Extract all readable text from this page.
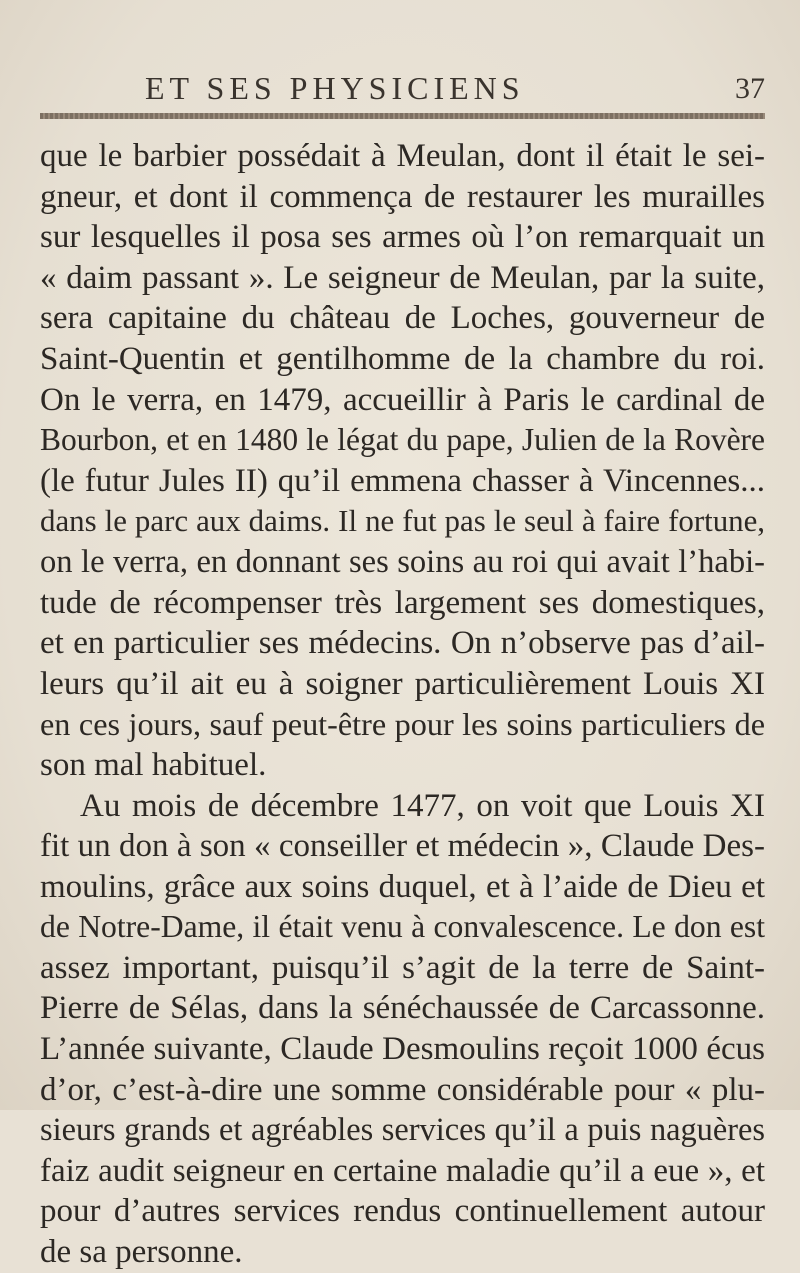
ET SES PHYSICIENS	37
que le barbier possédait à Meulan, dont il était le sei-
gneur, et dont il commença de restaurer les murailles
sur lesquelles il posa ses armes où l’on remarquait un
« daim passant ». Le seigneur de Meulan, par la suite,
sera capitaine du château de Loches, gouverneur de
Saint-Quentin et gentilhomme de la chambre du roi.
On le verra, en 1479, accueillir à Paris le cardinal de
Bourbon, et en 1480 le légat du pape, Julien de la Rovère
(le futur Jules II) qu’il emmena chasser à Vincennes...
dans le parc aux daims. Il ne fut pas le seul à faire fortune,
on le verra, en donnant ses soins au roi qui avait l’habi-
tude de récompenser très largement ses domestiques,
et en particulier ses médecins. On n’observe pas d’ail-
leurs qu’il ait eu à soigner particulièrement Louis XI
en ces jours, sauf peut-être pour les soins particuliers de
son mal habituel.
Au mois de décembre 1477, on voit que Louis XI
fit un don à son « conseiller et médecin », Claude Des-
moulins, grâce aux soins duquel, et à l’aide de Dieu et
de Notre-Dame, il était venu à convalescence. Le don est
assez important, puisqu’il s’agit de la terre de Saint-
Pierre de Sélas, dans la sénéchaussée de Carcassonne.
L’année suivante, Claude Desmoulins reçoit 1000 écus
d’or, c’est-à-dire une somme considérable pour « plu-
sieurs grands et agréables services qu’il a puis naguères
faiz audit seigneur en certaine maladie qu’il a eue », et
pour d’autres services rendus continuellement autour
de sa personne.
